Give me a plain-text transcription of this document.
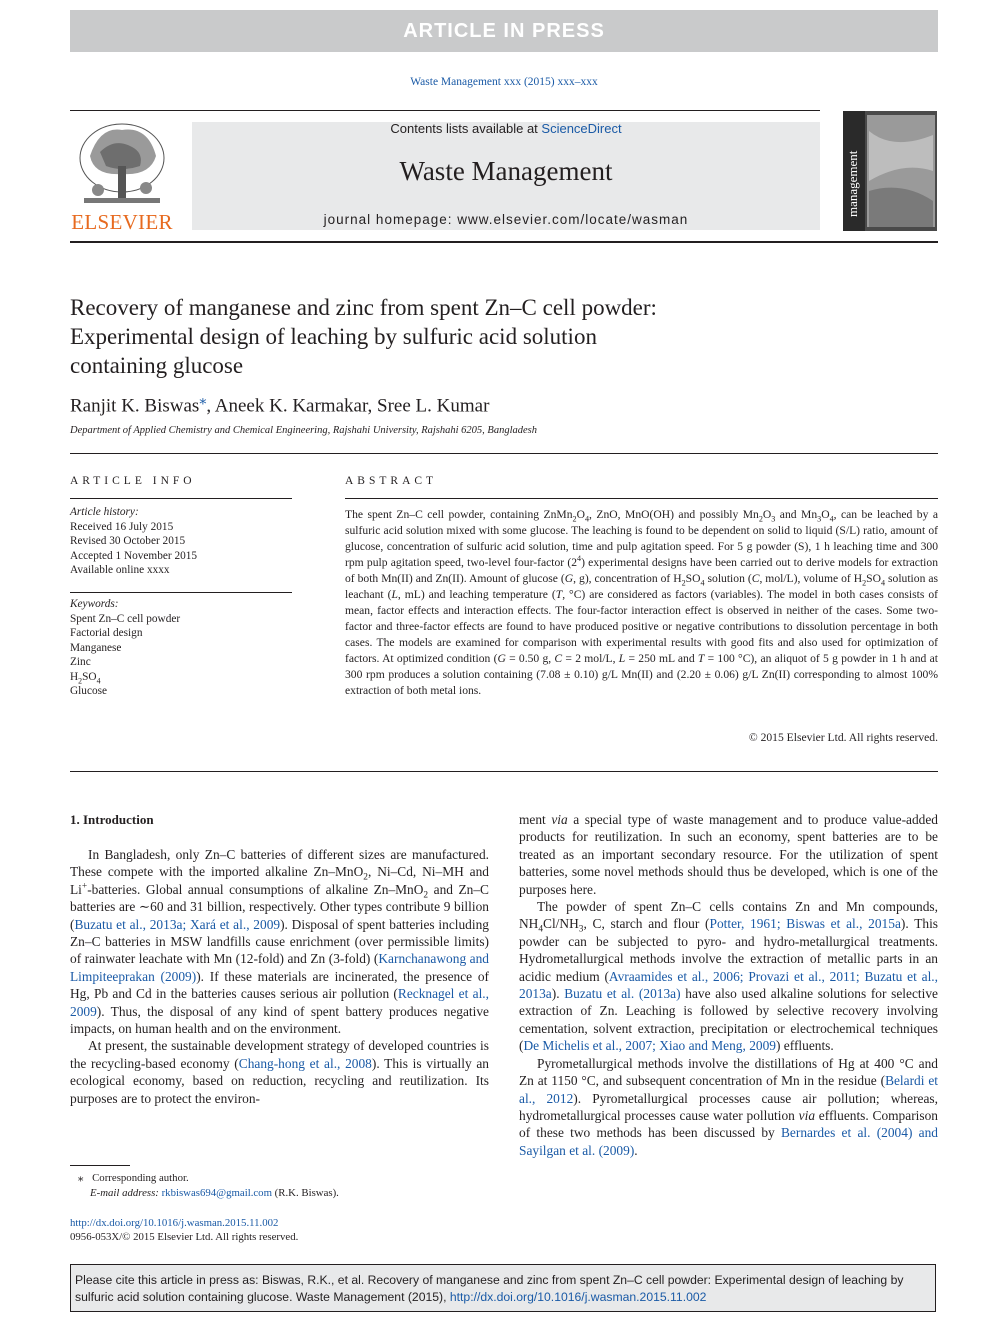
ARTICLE IN PRESS
Waste Management xxx (2015) xxx–xxx
ELSEVIER
Contents lists available at ScienceDirect
Waste Management
journal homepage: www.elsevier.com/locate/wasman
management
waste
Recovery of manganese and zinc from spent Zn–C cell powder:
Experimental design of leaching by sulfuric acid solution
containing glucose
Ranjit K. Biswas⁎, Aneek K. Karmakar, Sree L. Kumar
Department of Applied Chemistry and Chemical Engineering, Rajshahi University, Rajshahi 6205, Bangladesh
ARTICLE INFO
Article history:
Received 16 July 2015
Revised 30 October 2015
Accepted 1 November 2015
Available online xxxx
Keywords:
Spent Zn–C cell powder
Factorial design
Manganese
Zinc
$H_2SO_4$
Glucose
ABSTRACT
The spent Zn–C cell powder, containing $ZnMn_2O_4$, ZnO, MnO(OH) and possibly $Mn_2O_3$ and $Mn_3O_4$, can be leached by a sulfuric acid solution mixed with some glucose. The leaching is found to be dependent on solid to liquid (S/L) ratio, amount of glucose, concentration of sulfuric acid solution, time and pulp agitation speed. For 5 g powder (S), 1 h leaching time and 300 rpm pulp agitation speed, two-level four-factor $(2^4)$ experimental designs have been carried out to derive models for extraction of both Mn(II) and Zn(II). Amount of glucose (G, g), concentration of $H_2SO_4$ solution (C, mol/L), volume of $H_2SO_4$ solution as leachant (L, mL) and leaching temperature (T, °C) are considered as factors (variables). The model in both cases consists of mean, factor effects and interaction effects. The four-factor interaction effect is observed in neither of the cases. Some two-factor and three-factor effects are found to have produced positive or negative contributions to dissolution percentage in both cases. The models are examined for comparison with experimental results with good fits and also used for optimization of factors. At optimized condition (G = 0.50 g, C = 2 mol/L, L = 250 mL and T = 100 °C), an aliquot of 5 g powder in 1 h and at 300 rpm produces a solution containing (7.08 ± 0.10) g/L Mn(II) and (2.20 ± 0.06) g/L Zn(II) corresponding to almost 100% extraction of both metal ions.
© 2015 Elsevier Ltd. All rights reserved.
1. Introduction

In Bangladesh, only Zn–C batteries of different sizes are manufactured. These compete with the imported alkaline Zn–MnO$_2$, Ni–Cd, Ni–MH and Li+-batteries. Global annual consumptions of alkaline Zn–MnO$_2$ and Zn–C batteries are ∼60 and 31 billion, respectively. Other types contribute 9 billion (Buzatu et al., 2013a; Xará et al., 2009). Disposal of spent batteries including Zn–C batteries in MSW landfills cause enrichment (over permissible limits) of rainwater leachate with Mn (12-fold) and Zn (3-fold) (Karnchanawong and Limpiteeprakan (2009)). If these materials are incinerated, the presence of Hg, Pb and Cd in the batteries causes serious air pollution (Recknagel et al., 2009). Thus, the disposal of any kind of spent battery produces negative impacts, on human health and on the environment.

At present, the sustainable development strategy of developed countries is the recycling-based economy (Chang-hong et al., 2008). This is virtually an ecological economy, based on reduction, recycling and reutilization. Its purposes are to protect the environ-

ment via a special type of waste management and to produce value-added products for reutilization. In such an economy, spent batteries are to be treated as an important secondary resource. For the utilization of spent batteries, some novel methods should thus be developed, which is one of the purposes here.

The powder of spent Zn–C cells contains Zn and Mn compounds, $NH_4Cl/NH_3$, C, starch and flour (Potter, 1961; Biswas et al., 2015a). This powder can be subjected to pyro- and hydro-metallurgical treatments. Hydrometallurgical methods involve the extraction of metallic parts in an acidic medium (Avraamides et al., 2006; Provazi et al., 2011; Buzatu et al., 2013a). Buzatu et al. (2013a) have also used alkaline solutions for selective extraction of Zn. Leaching is followed by selective recovery involving cementation, solvent extraction, precipitation or electrochemical techniques (De Michelis et al., 2007; Xiao and Meng, 2009) effluents.

Pyrometallurgical methods involve the distillations of Hg at 400 °C and Zn at 1150 °C, and subsequent concentration of Mn in the residue (Belardi et al., 2012). Pyrometallurgical processes cause air pollution; whereas, hydrometallurgical processes cause water pollution via effluents. Comparison of these two methods has been discussed by Bernardes et al. (2004) and Sayilgan et al. (2009).

⁎ Corresponding author.
E-mail address: rkbiswas694@gmail.com (R.K. Biswas).
http://dx.doi.org/10.1016/j.wasman.2015.11.002
0956-053X/© 2015 Elsevier Ltd. All rights reserved.
Please cite this article in press as: Biswas, R.K., et al. Recovery of manganese and zinc from spent Zn–C cell powder: Experimental design of leaching by sulfuric acid solution containing glucose. Waste Management (2015), http://dx.doi.org/10.1016/j.wasman.2015.11.002
